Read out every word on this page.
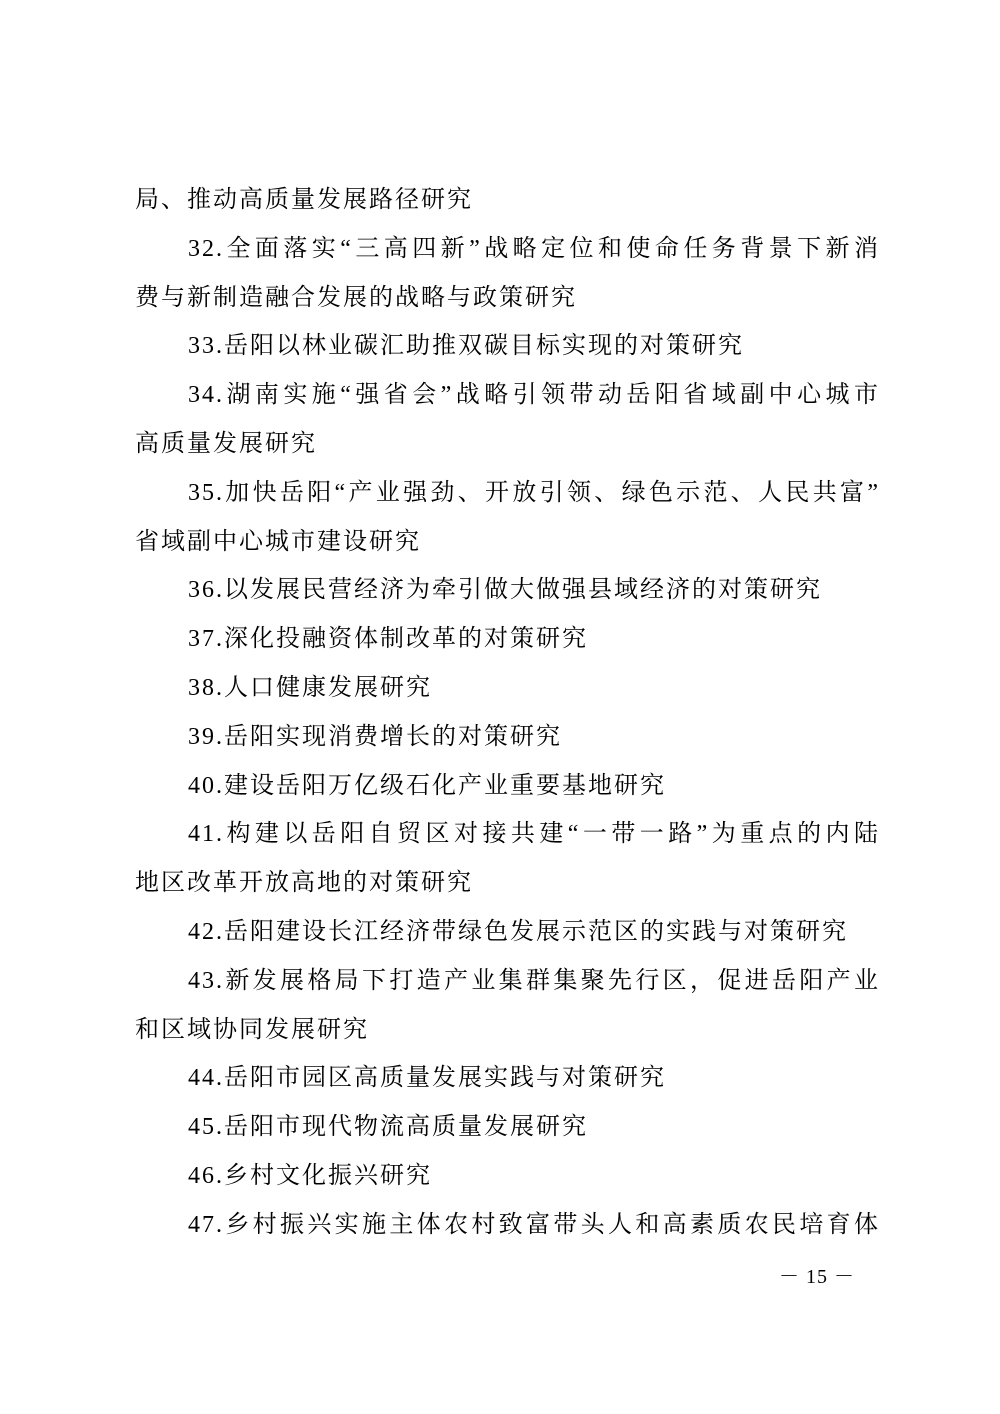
局、推动高质量发展路径研究
32.全面落实“三高四新”战略定位和使命任务背景下新消
费与新制造融合发展的战略与政策研究
33.岳阳以林业碳汇助推双碳目标实现的对策研究
34.湖南实施“强省会”战略引领带动岳阳省域副中心城市
高质量发展研究
35.加快岳阳“产业强劲、开放引领、绿色示范、人民共富”
省域副中心城市建设研究
36.以发展民营经济为牵引做大做强县域经济的对策研究
37.深化投融资体制改革的对策研究
38.人口健康发展研究
39.岳阳实现消费增长的对策研究
40.建设岳阳万亿级石化产业重要基地研究
41.构建以岳阳自贸区对接共建“一带一路”为重点的内陆
地区改革开放高地的对策研究
42.岳阳建设长江经济带绿色发展示范区的实践与对策研究
43.新发展格局下打造产业集群集聚先行区，促进岳阳产业
和区域协同发展研究
44.岳阳市园区高质量发展实践与对策研究
45.岳阳市现代物流高质量发展研究
46.乡村文化振兴研究
47.乡村振兴实施主体农村致富带头人和高素质农民培育体
－ 15 －
